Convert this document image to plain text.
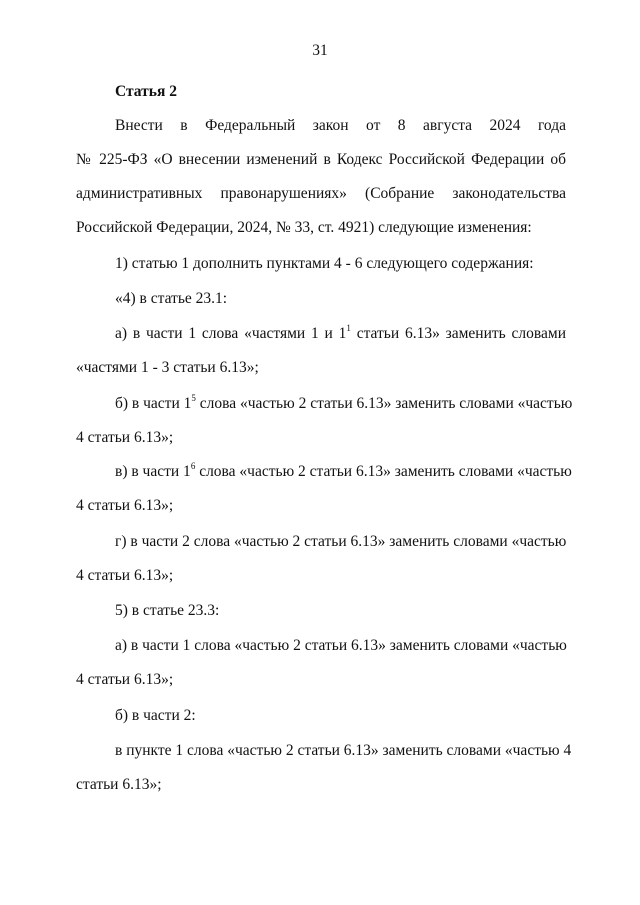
31
Статья 2
Внести в Федеральный закон от 8 августа 2024 года
№ 225-ФЗ «О внесении изменений в Кодекс Российской Федерации об
административных правонарушениях» (Собрание законодательства
Российской Федерации, 2024, № 33, ст. 4921) следующие изменения:
1) статью 1 дополнить пунктами 4 - 6 следующего содержания:
«4) в статье 23.1:
а) в части 1 слова «частями 1 и $1^1$ статьи 6.13» заменить словами
«частями 1 - 3 статьи 6.13»;
б) в части $1^5$ слова «частью 2 статьи 6.13» заменить словами «частью
4 статьи 6.13»;
в) в части $1^6$ слова «частью 2 статьи 6.13» заменить словами «частью
4 статьи 6.13»;
г) в части 2 слова «частью 2 статьи 6.13» заменить словами «частью
4 статьи 6.13»;
5) в статье 23.3:
а) в части 1 слова «частью 2 статьи 6.13» заменить словами «частью
4 статьи 6.13»;
б) в части 2:
в пункте 1 слова «частью 2 статьи 6.13» заменить словами «частью 4
статьи 6.13»;
